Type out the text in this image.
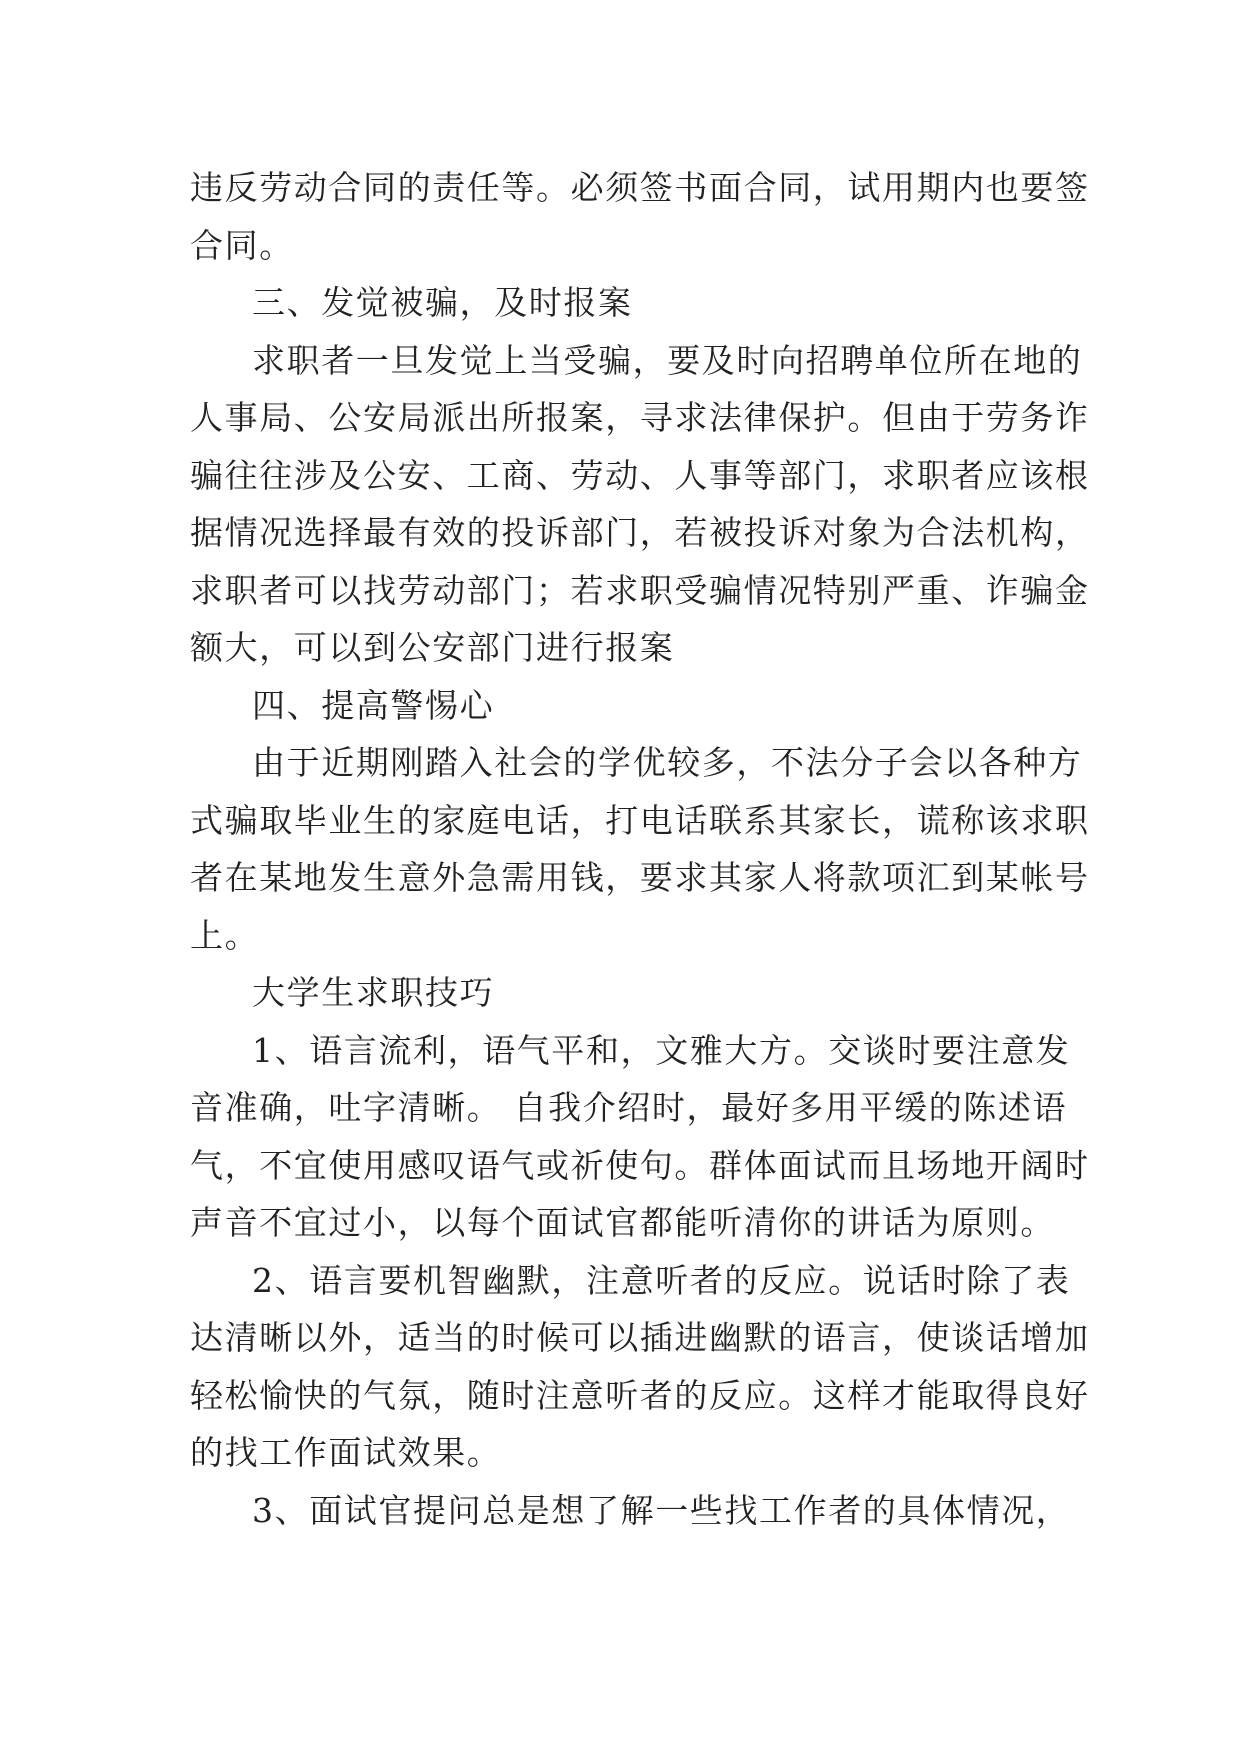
违反劳动合同的责任等。必须签书面合同，试用期内也要签
合同。
三、发觉被骗，及时报案
求职者一旦发觉上当受骗，要及时向招聘单位所在地的
人事局、公安局派出所报案，寻求法律保护。但由于劳务诈
骗往往涉及公安、工商、劳动、人事等部门，求职者应该根
据情况选择最有效的投诉部门，若被投诉对象为合法机构，
求职者可以找劳动部门；若求职受骗情况特别严重、诈骗金
额大，可以到公安部门进行报案
四、提高警惕心
由于近期刚踏入社会的学优较多，不法分子会以各种方
式骗取毕业生的家庭电话，打电话联系其家长，谎称该求职
者在某地发生意外急需用钱，要求其家人将款项汇到某帐号
上。
大学生求职技巧
1、语言流利，语气平和，文雅大方。交谈时要注意发
音准确，吐字清晰。 自我介绍时，最好多用平缓的陈述语
气，不宜使用感叹语气或祈使句。群体面试而且场地开阔时
声音不宜过小，以每个面试官都能听清你的讲话为原则。
2、语言要机智幽默，注意听者的反应。说话时除了表
达清晰以外，适当的时候可以插进幽默的语言，使谈话增加
轻松愉快的气氛，随时注意听者的反应。这样才能取得良好
的找工作面试效果。
3、面试官提问总是想了解一些找工作者的具体情况，
